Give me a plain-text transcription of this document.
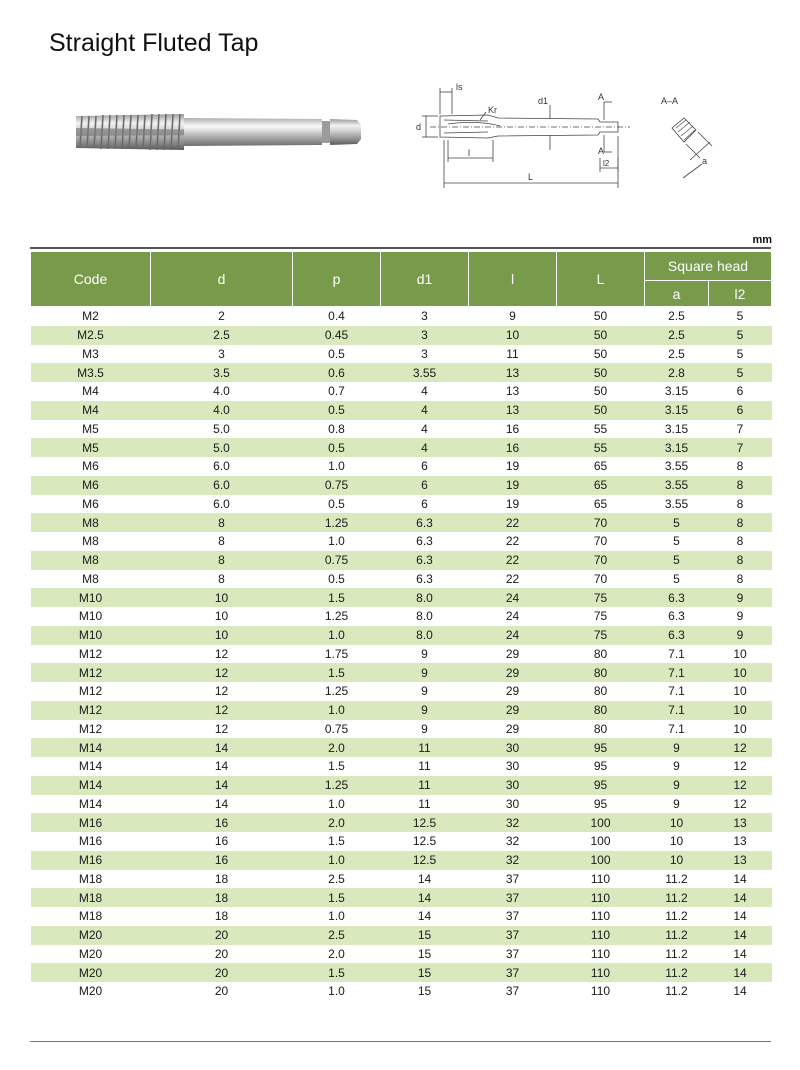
Straight Fluted Tap
d
ls
Kr
d1	A
A
l
L
l2
A–A
a
mm
Code	d	p	d1	l	L	Square head	
						a	l2
M2	2	0.4	3	9	50	2.5	5
M2.5	2.5	0.45	3	10	50	2.5	5
M3	3	0.5	3	11	50	2.5	5
M3.5	3.5	0.6	3.55	13	50	2.8	5
M4	4.0	0.7	4	13	50	3.15	6
M4	4.0	0.5	4	13	50	3.15	6
M5	5.0	0.8	4	16	55	3.15	7
M5	5.0	0.5	4	16	55	3.15	7
M6	6.0	1.0	6	19	65	3.55	8
M6	6.0	0.75	6	19	65	3.55	8
M6	6.0	0.5	6	19	65	3.55	8
M8	8	1.25	6.3	22	70	5	8
M8	8	1.0	6.3	22	70	5	8
M8	8	0.75	6.3	22	70	5	8
M8	8	0.5	6.3	22	70	5	8
M10	10	1.5	8.0	24	75	6.3	9
M10	10	1.25	8.0	24	75	6.3	9
M10	10	1.0	8.0	24	75	6.3	9
M12	12	1.75	9	29	80	7.1	10
M12	12	1.5	9	29	80	7.1	10
M12	12	1.25	9	29	80	7.1	10
M12	12	1.0	9	29	80	7.1	10
M12	12	0.75	9	29	80	7.1	10
M14	14	2.0	11	30	95	9	12
M14	14	1.5	11	30	95	9	12
M14	14	1.25	11	30	95	9	12
M14	14	1.0	11	30	95	9	12
M16	16	2.0	12.5	32	100	10	13
M16	16	1.5	12.5	32	100	10	13
M16	16	1.0	12.5	32	100	10	13
M18	18	2.5	14	37	110	11.2	14
M18	18	1.5	14	37	110	11.2	14
M18	18	1.0	14	37	110	11.2	14
M20	20	2.5	15	37	110	11.2	14
M20	20	2.0	15	37	110	11.2	14
M20	20	1.5	15	37	110	11.2	14
M20	20	1.0	15	37	110	11.2	14
